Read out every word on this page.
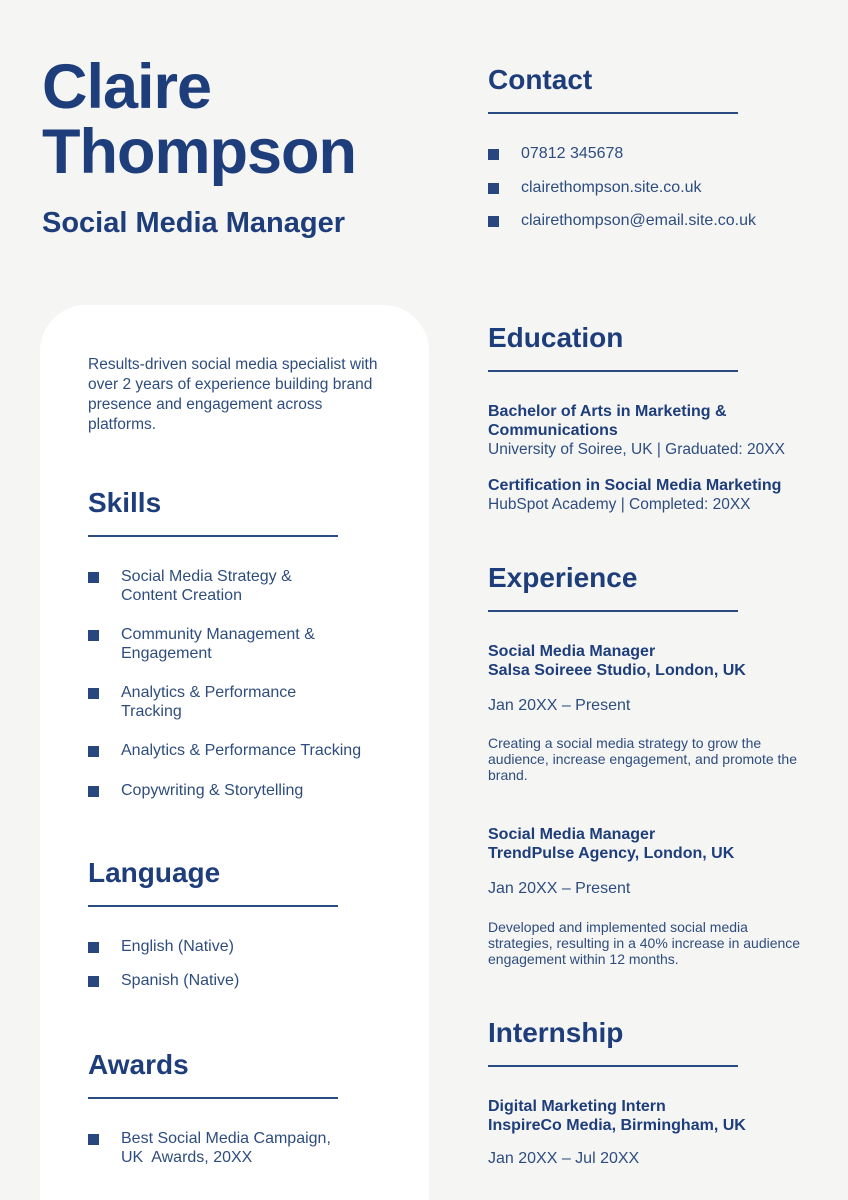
Claire
Thompson
Social Media Manager

Results-driven social media specialist with over 2 years of experience building brand presence and engagement across platforms.

Skills
Social Media Strategy & Content Creation
Community Management & Engagement
Analytics & Performance Tracking
Analytics & Performance Tracking
Copywriting & Storytelling
Language
English (Native)
Spanish (Native)
Awards
Best Social Media Campaign, UK  Awards, 20XX
Contact
07812 345678
clairethompson.site.co.uk
clairethompson@email.site.co.uk
Education
Bachelor of Arts in Marketing & Communications
University of Soiree, UK | Graduated: 20XX
Certification in Social Media Marketing
HubSpot Academy | Completed: 20XX
Experience
Social Media Manager
Salsa Soireee Studio, London, UK
Jan 20XX – Present

Creating a social media strategy to grow the audience, increase engagement, and promote the brand.

Social Media Manager
TrendPulse Agency, London, UK
Jan 20XX – Present

Developed and implemented social media strategies, resulting in a 40% increase in audience engagement within 12 months.

Internship
Digital Marketing Intern
InspireCo Media, Birmingham, UK
Jan 20XX – Jul 20XX
